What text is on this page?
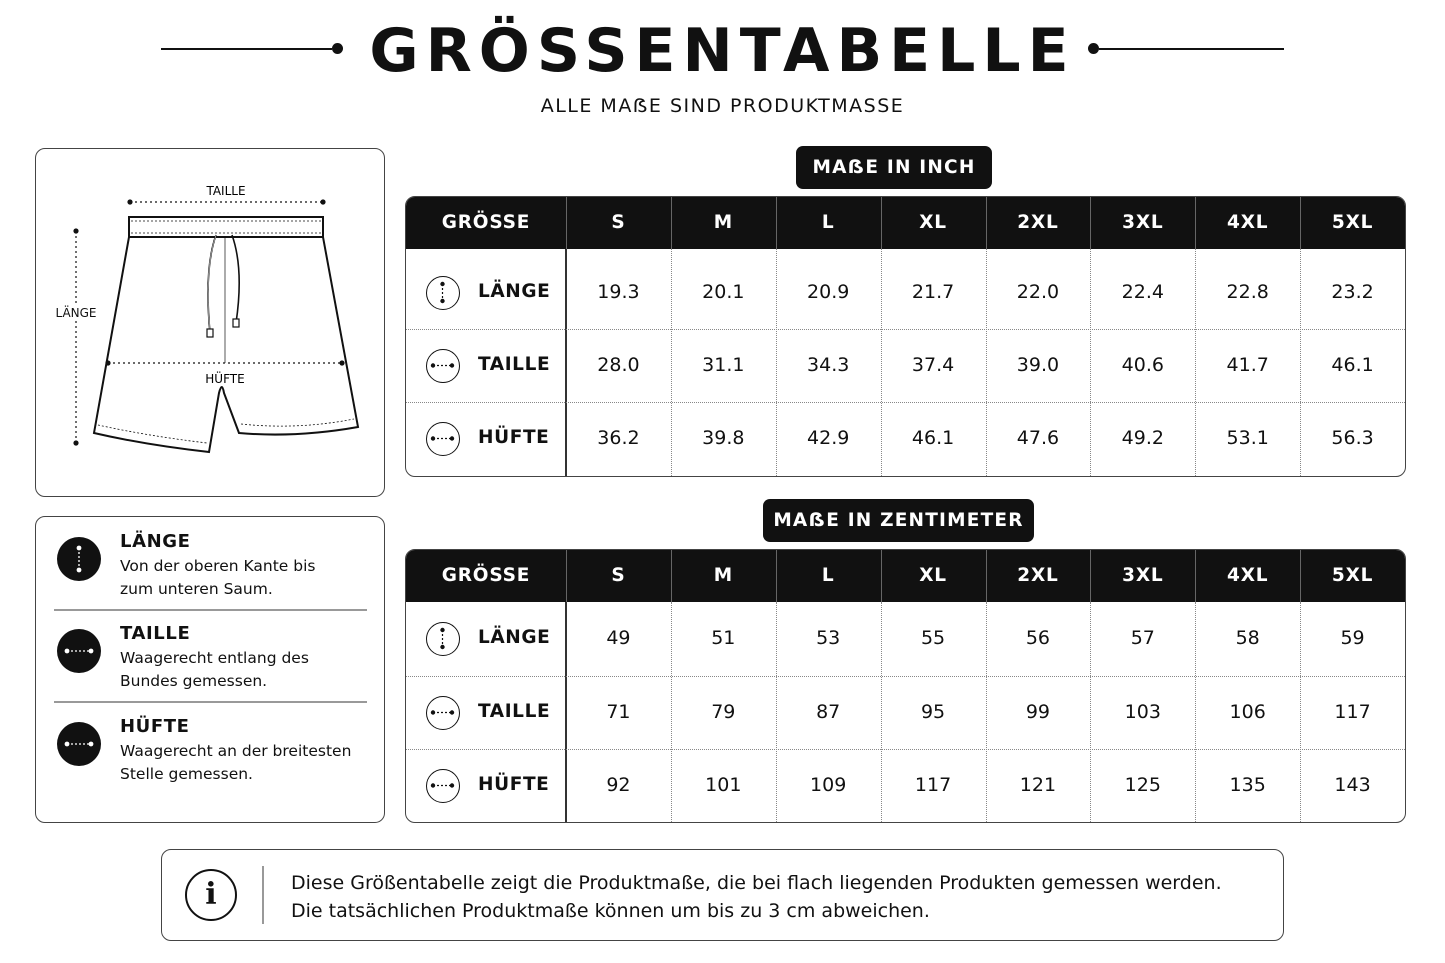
GRÖSSENTABELLE
ALLE MAẞE SIND PRODUKTMASSE
TAILLE
LÄNGE
HÜFTE
LÄNGE
Von der oberen Kante bis
zum unteren Saum.
TAILLE
Waagerecht entlang des
Bundes gemessen.
HÜFTE
Waagerecht an der breitesten
Stelle gemessen.
MAẞE IN INCH
GRÖSSE	S	M	L	XL	2XL	3XL	4XL	5XL
LÄNGE	19.3	20.1	20.9	21.7	22.0	22.4	22.8	23.2
TAILLE	28.0	31.1	34.3	37.4	39.0	40.6	41.7	46.1
HÜFTE	36.2	39.8	42.9	46.1	47.6	49.2	53.1	56.3
MAẞE IN ZENTIMETER
GRÖSSE	S	M	L	XL	2XL	3XL	4XL	5XL
LÄNGE	49	51	53	55	56	57	58	59
TAILLE	71	79	87	95	99	103	106	117
HÜFTE	92	101	109	117	121	125	135	143
i	Diese Größentabelle zeigt die Produktmaße, die bei flach liegenden Produkten gemessen werden.
Die tatsächlichen Produktmaße können um bis zu 3 cm abweichen.
